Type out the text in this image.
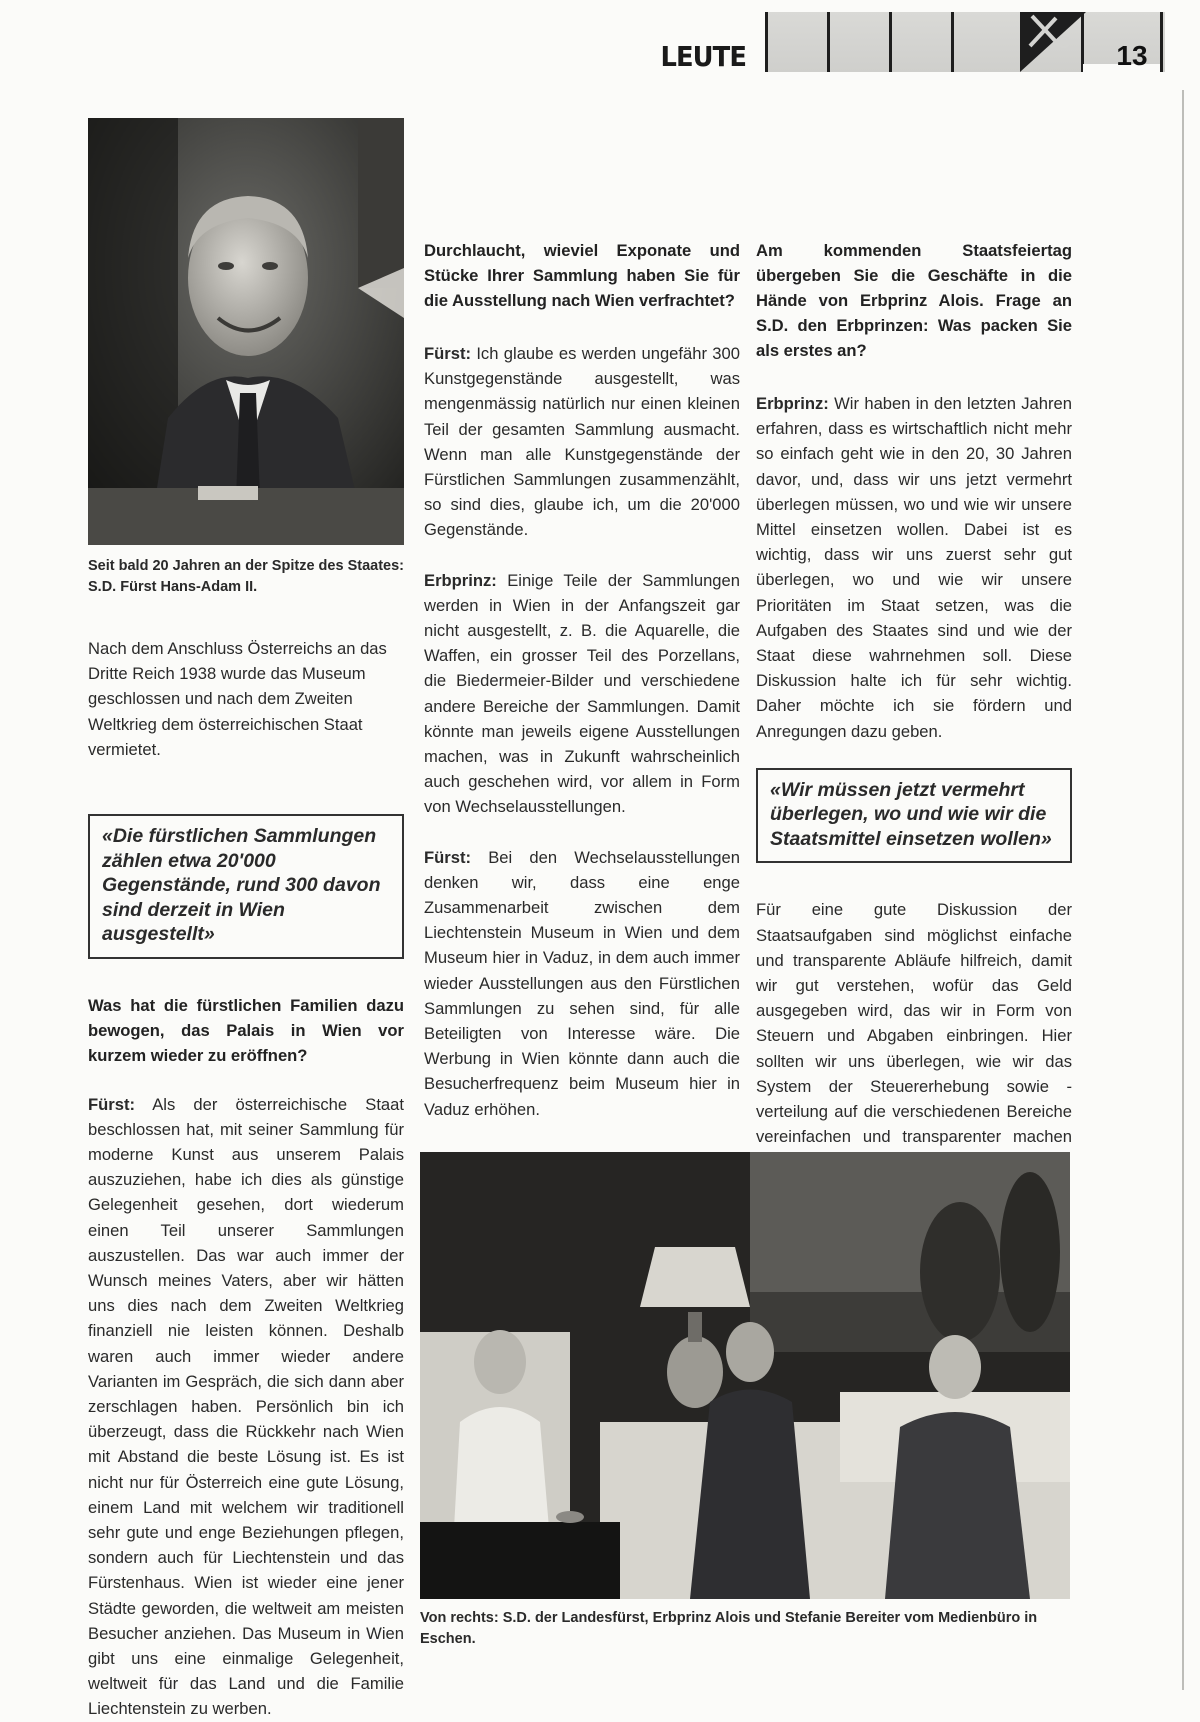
LEUTE	13

Seit bald 20 Jahren an der Spitze des Staates: S.D. Fürst Hans-Adam II.

Nach dem Anschluss Österreichs an das Dritte Reich 1938 wurde das Museum geschlossen und nach dem Zweiten Weltkrieg dem österreichischen Staat vermietet.

«Die fürstlichen Sammlungen zählen etwa 20'000 Gegenstände, rund 300 davon sind derzeit in Wien ausgestellt»

Was hat die fürstlichen Familien dazu bewogen, das Palais in Wien vor kurzem wieder zu eröffnen?

Fürst: Als der österreichische Staat beschlossen hat, mit seiner Sammlung für moderne Kunst aus unserem Palais auszuziehen, habe ich dies als günstige Gelegenheit gesehen, dort wiederum einen Teil unserer Sammlungen auszustellen. Das war auch immer der Wunsch meines Vaters, aber wir hätten uns dies nach dem Zweiten Weltkrieg finanziell nie leisten können. Deshalb waren auch immer wieder andere Varianten im Gespräch, die sich dann aber zerschlagen haben. Persönlich bin ich überzeugt, dass die Rückkehr nach Wien mit Abstand die beste Lösung ist. Es ist nicht nur für Österreich eine gute Lösung, einem Land mit welchem wir traditionell sehr gute und enge Beziehungen pflegen, sondern auch für Liechtenstein und das Fürstenhaus. Wien ist wieder eine jener Städte geworden, die weltweit am meisten Besucher anziehen. Das Museum in Wien gibt uns eine einmalige Gelegenheit, weltweit für das Land und die Familie Liechtenstein zu werben.

Durchlaucht, wieviel Exponate und Stücke Ihrer Sammlung haben Sie für die Ausstellung nach Wien verfrachtet?

Fürst: Ich glaube es werden ungefähr 300 Kunstgegenstände ausgestellt, was mengenmässig natürlich nur einen kleinen Teil der gesamten Sammlung ausmacht. Wenn man alle Kunstgegenstände der Fürstlichen Sammlungen zusammenzählt, so sind dies, glaube ich, um die 20'000 Gegenstände.

Erbprinz: Einige Teile der Sammlungen werden in Wien in der Anfangszeit gar nicht ausgestellt, z. B. die Aquarelle, die Waffen, ein grosser Teil des Porzellans, die Biedermeier-Bilder und verschiedene andere Bereiche der Sammlungen. Damit könnte man jeweils eigene Ausstellungen machen, was in Zukunft wahrscheinlich auch geschehen wird, vor allem in Form von Wechselausstellungen.

Fürst: Bei den Wechselausstellungen denken wir, dass eine enge Zusammenarbeit zwischen dem Liechtenstein Museum in Wien und dem Museum hier in Vaduz, in dem auch immer wieder Ausstellungen aus den Fürstlichen Sammlungen zu sehen sind, für alle Beteiligten von Interesse wäre. Die Werbung in Wien könnte dann auch die Besucherfrequenz beim Museum hier in Vaduz erhöhen.

Am kommenden Staatsfeiertag übergeben Sie die Geschäfte in die Hände von Erbprinz Alois. Frage an S.D. den Erbprinzen: Was packen Sie als erstes an?

Erbprinz: Wir haben in den letzten Jahren erfahren, dass es wirtschaftlich nicht mehr so einfach geht wie in den 20, 30 Jahren davor, und, dass wir uns jetzt vermehrt überlegen müssen, wo und wie wir unsere Mittel einsetzen wollen. Dabei ist es wichtig, dass wir uns zuerst sehr gut überlegen, wo und wie wir unsere Prioritäten im Staat setzen, was die Aufgaben des Staates sind und wie der Staat diese wahrnehmen soll. Diese Diskussion halte ich für sehr wichtig. Daher möchte ich sie fördern und Anregungen dazu geben.

«Wir müssen jetzt vermehrt überlegen, wo und wie wir die Staatsmittel einsetzen wollen»

Für eine gute Diskussion der Staatsaufgaben sind möglichst einfache und transparente Abläufe hilfreich, damit wir gut verstehen, wofür das Geld ausgegeben wird, das wir in Form von Steuern und Abgaben einbringen. Hier sollten wir uns überlegen, wie wir das System der Steuererhebung sowie -verteilung auf die verschiedenen Bereiche vereinfachen und transparenter machen

Von rechts: S.D. der Landesfürst, Erbprinz Alois und Stefanie Bereiter vom Medienbüro in Eschen.
